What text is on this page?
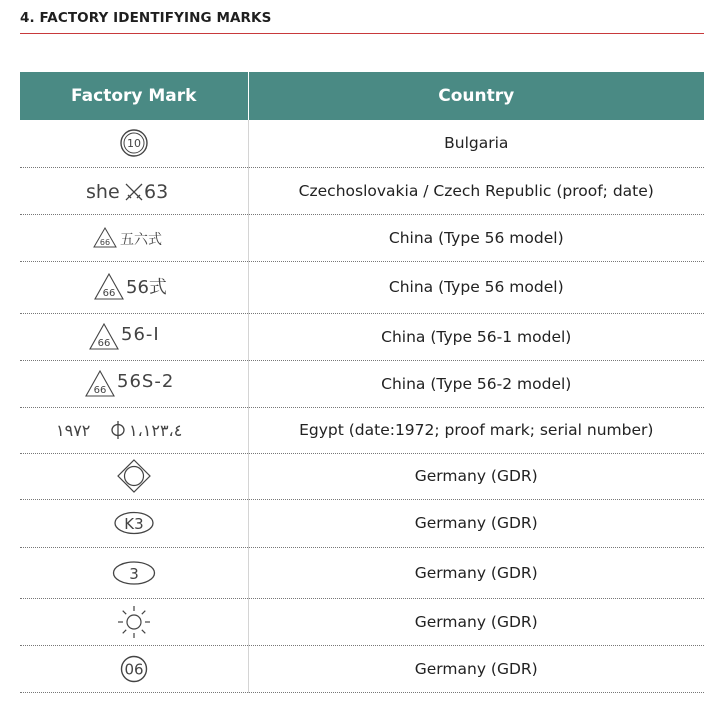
4. FACTORY IDENTIFYING MARKS
Factory Mark	Country

10	Bulgaria

she 63	Czechoslovakia / Czech Republic (proof; date)

66 五六式	China (Type 56 model)

66 56式	China (Type 56 model)

66 56-I	China (Type 56-1 model)

66 56S-2	China (Type 56-2 model)

١٩٧٢ ١،١٢٣،٤	Egypt (date:1972; proof mark; serial number)

	Germany (GDR)

K3	Germany (GDR)

3	Germany (GDR)

	Germany (GDR)

06	Germany (GDR)
